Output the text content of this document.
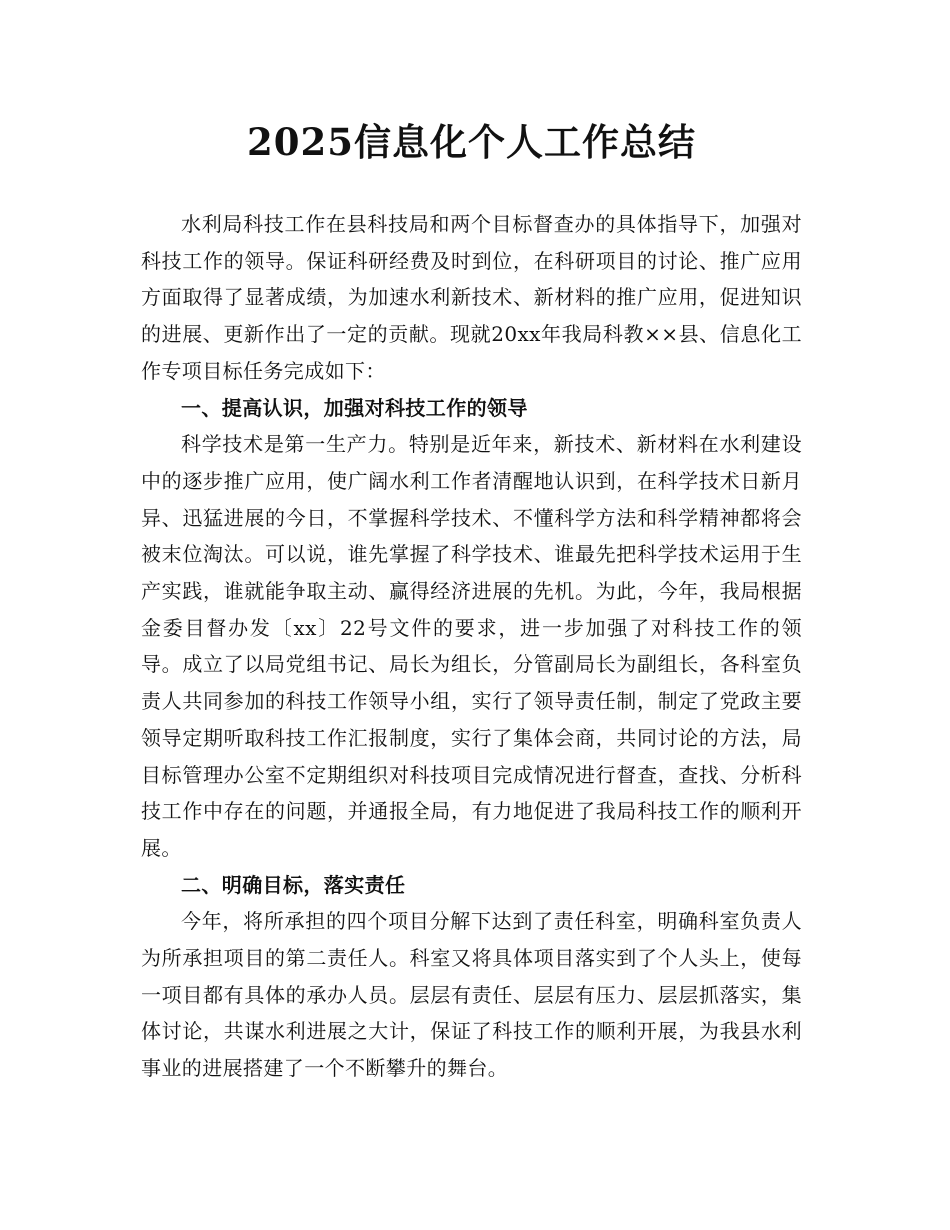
2025信息化个人工作总结

水利局科技工作在县科技局和两个目标督查办的具体指导下，加强对科技工作的领导。保证科研经费及时到位，在科研项目的讨论、推广应用方面取得了显著成绩，为加速水利新技术、新材料的推广应用，促进知识的进展、更新作出了一定的贡献。现就20xx年我局科教××县、信息化工作专项目标任务完成如下：

一、提高认识，加强对科技工作的领导

科学技术是第一生产力。特别是近年来，新技术、新材料在水利建设中的逐步推广应用，使广阔水利工作者清醒地认识到，在科学技术日新月异、迅猛进展的今日，不掌握科学技术、不懂科学方法和科学精神都将会被末位淘汰。可以说，谁先掌握了科学技术、谁最先把科学技术运用于生产实践，谁就能争取主动、赢得经济进展的先机。为此，今年，我局根据金委目督办发〔xx〕22号文件的要求，进一步加强了对科技工作的领导。成立了以局党组书记、局长为组长，分管副局长为副组长，各科室负责人共同参加的科技工作领导小组，实行了领导责任制，制定了党政主要领导定期听取科技工作汇报制度，实行了集体会商，共同讨论的方法，局目标管理办公室不定期组织对科技项目完成情况进行督查，查找、分析科技工作中存在的问题，并通报全局，有力地促进了我局科技工作的顺利开展。

二、明确目标，落实责任

今年，将所承担的四个项目分解下达到了责任科室，明确科室负责人为所承担项目的第二责任人。科室又将具体项目落实到了个人头上，使每一项目都有具体的承办人员。层层有责任、层层有压力、层层抓落实，集体讨论，共谋水利进展之大计，保证了科技工作的顺利开展，为我县水利事业的进展搭建了一个不断攀升的舞台。
